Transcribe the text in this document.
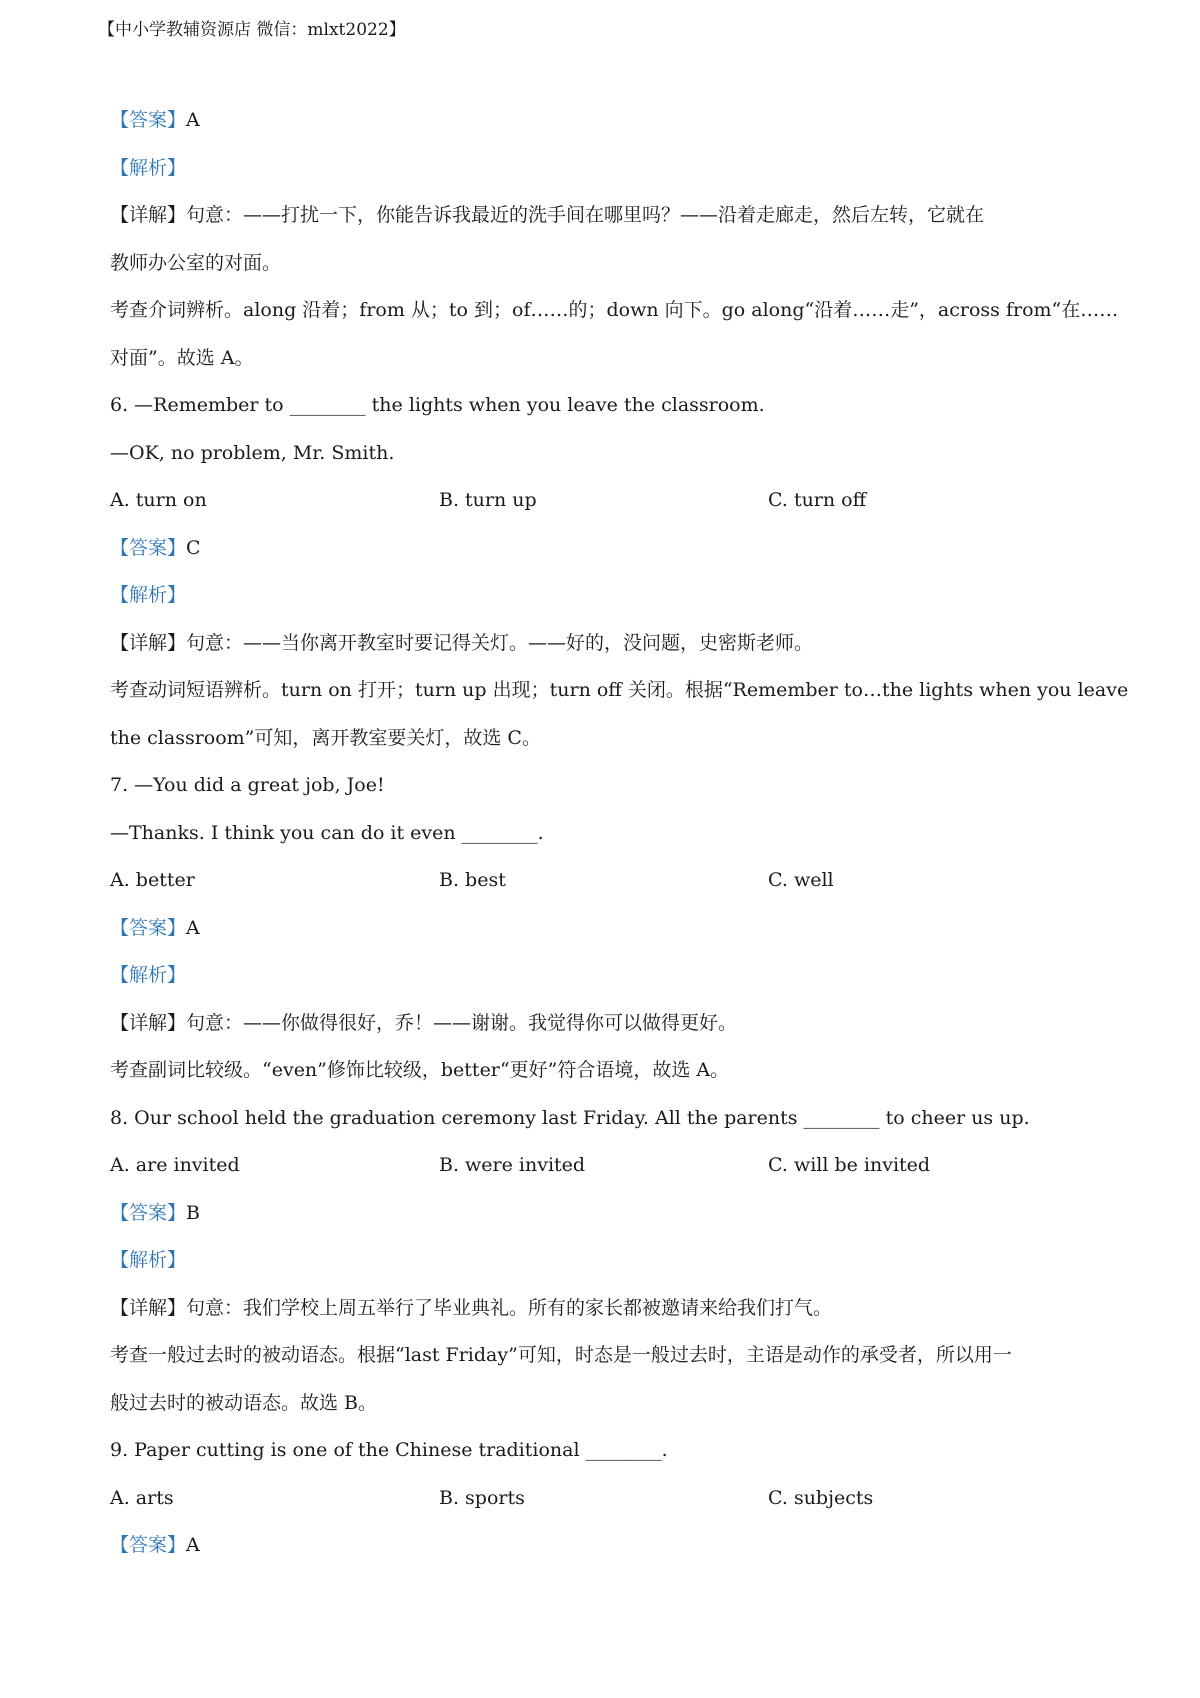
【中小学教辅资源店 微信：mlxt2022】
【答案】A
【解析】
【详解】句意：——打扰一下，你能告诉我最近的洗手间在哪里吗？——沿着走廊走，然后左转，它就在
教师办公室的对面。
考查介词辨析。along 沿着；from 从；to 到；of……的；down 向下。go along“沿着……走”，across from“在……
对面”。故选 A。
6. —Remember to ________ the lights when you leave the classroom.
—OK, no problem, Mr. Smith.
A. turn on	B. turn up	C. turn off
【答案】C
【解析】
【详解】句意：——当你离开教室时要记得关灯。——好的，没问题，史密斯老师。
考查动词短语辨析。turn on 打开；turn up 出现；turn off 关闭。根据“Remember to…the lights when you leave
the classroom”可知，离开教室要关灯，故选 C。
7. —You did a great job, Joe!
—Thanks. I think you can do it even ________.
A. better	B. best	C. well
【答案】A
【解析】
【详解】句意：——你做得很好，乔！——谢谢。我觉得你可以做得更好。
考查副词比较级。“even”修饰比较级，better“更好”符合语境，故选 A。
8. Our school held the graduation ceremony last Friday. All the parents ________ to cheer us up.
A. are invited	B. were invited	C. will be invited
【答案】B
【解析】
【详解】句意：我们学校上周五举行了毕业典礼。所有的家长都被邀请来给我们打气。
考查一般过去时的被动语态。根据“last Friday”可知，时态是一般过去时，主语是动作的承受者，所以用一
般过去时的被动语态。故选 B。
9. Paper cutting is one of the Chinese traditional ________.
A. arts	B. sports	C. subjects
【答案】A
